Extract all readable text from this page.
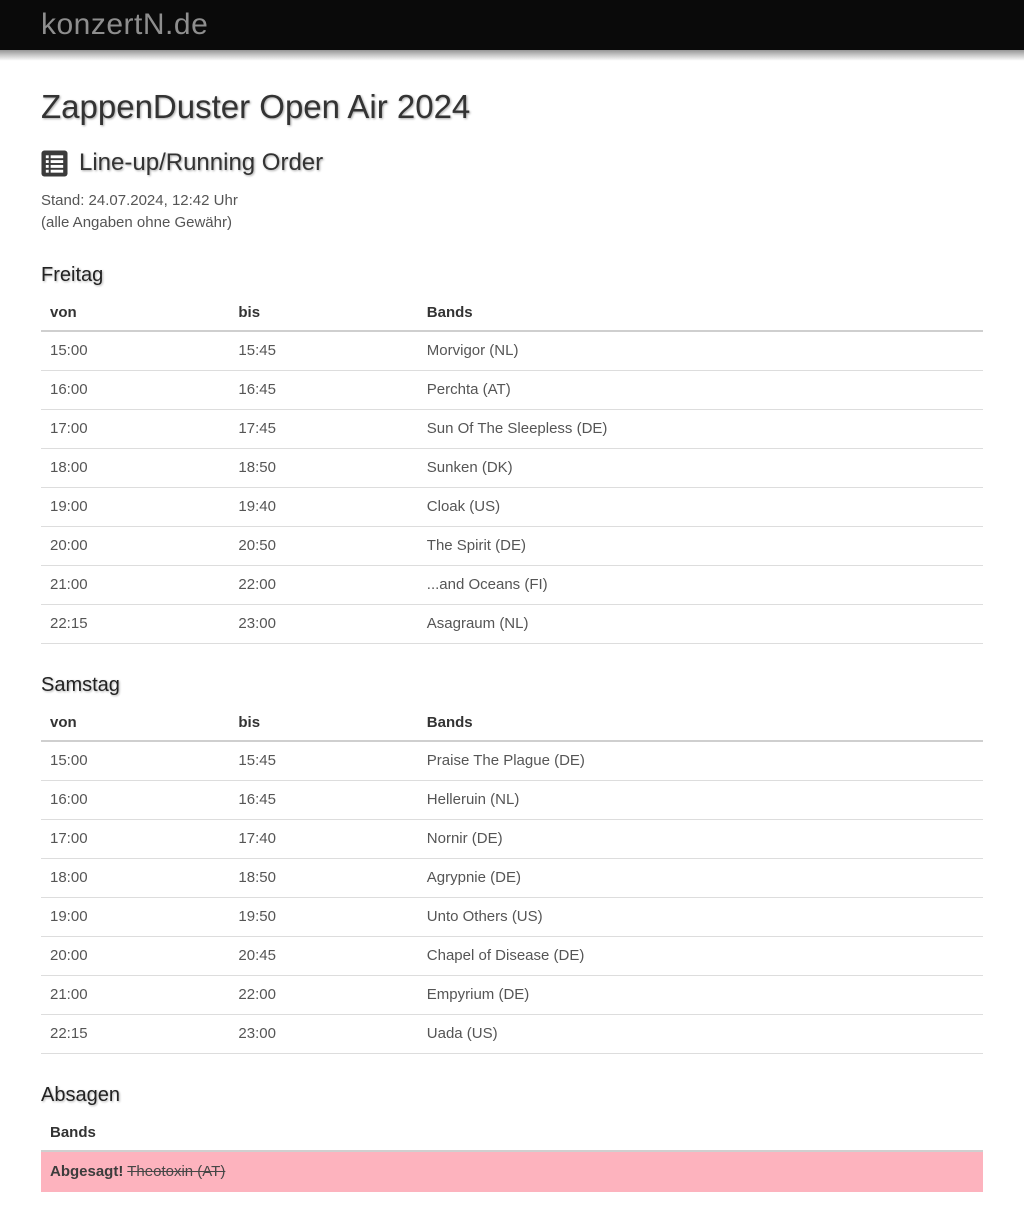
konzertN.de
ZappenDuster Open Air 2024
Line-up/Running Order

Stand: 24.07.2024, 12:42 Uhr

(alle Angaben ohne Gewähr)

Freitag
von	bis	Bands
15:00	15:45	Morvigor (NL)
16:00	16:45	Perchta (AT)
17:00	17:45	Sun Of The Sleepless (DE)
18:00	18:50	Sunken (DK)
19:00	19:40	Cloak (US)
20:00	20:50	The Spirit (DE)
21:00	22:00	...and Oceans (FI)
22:15	23:00	Asagraum (NL)
Samstag
von	bis	Bands
15:00	15:45	Praise The Plague (DE)
16:00	16:45	Helleruin (NL)
17:00	17:40	Nornir (DE)
18:00	18:50	Agrypnie (DE)
19:00	19:50	Unto Others (US)
20:00	20:45	Chapel of Disease (DE)
21:00	22:00	Empyrium (DE)
22:15	23:00	Uada (US)
Absagen
Bands
Abgesagt! Theotoxin (AT)
